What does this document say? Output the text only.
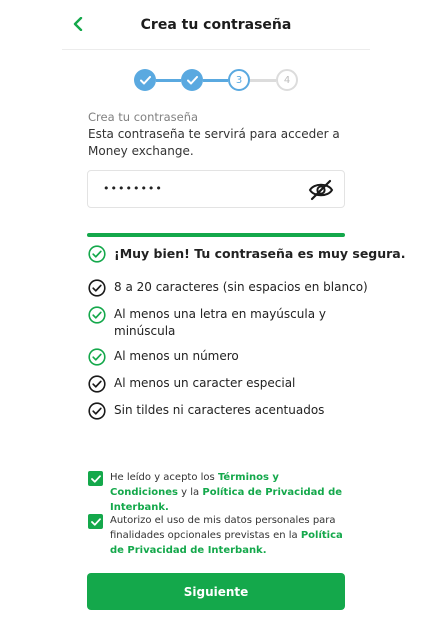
Crea tu contraseña
3	4
Crea tu contraseña
Esta contraseña te servirá para acceder a Money exchange.
••••••••
¡Muy bien! Tu contraseña es muy segura.
8 a 20 caracteres (sin espacios en blanco)
Al menos una letra en mayúscula y minúscula
Al menos un número
Al menos un caracter especial
Sin tildes ni caracteres acentuados
He leído y acepto los Términos y Condiciones y la Política de Privacidad de Interbank.
Autorizo el uso de mis datos personales para finalidades opcionales previstas en la Política de Privacidad de Interbank.
Siguiente
